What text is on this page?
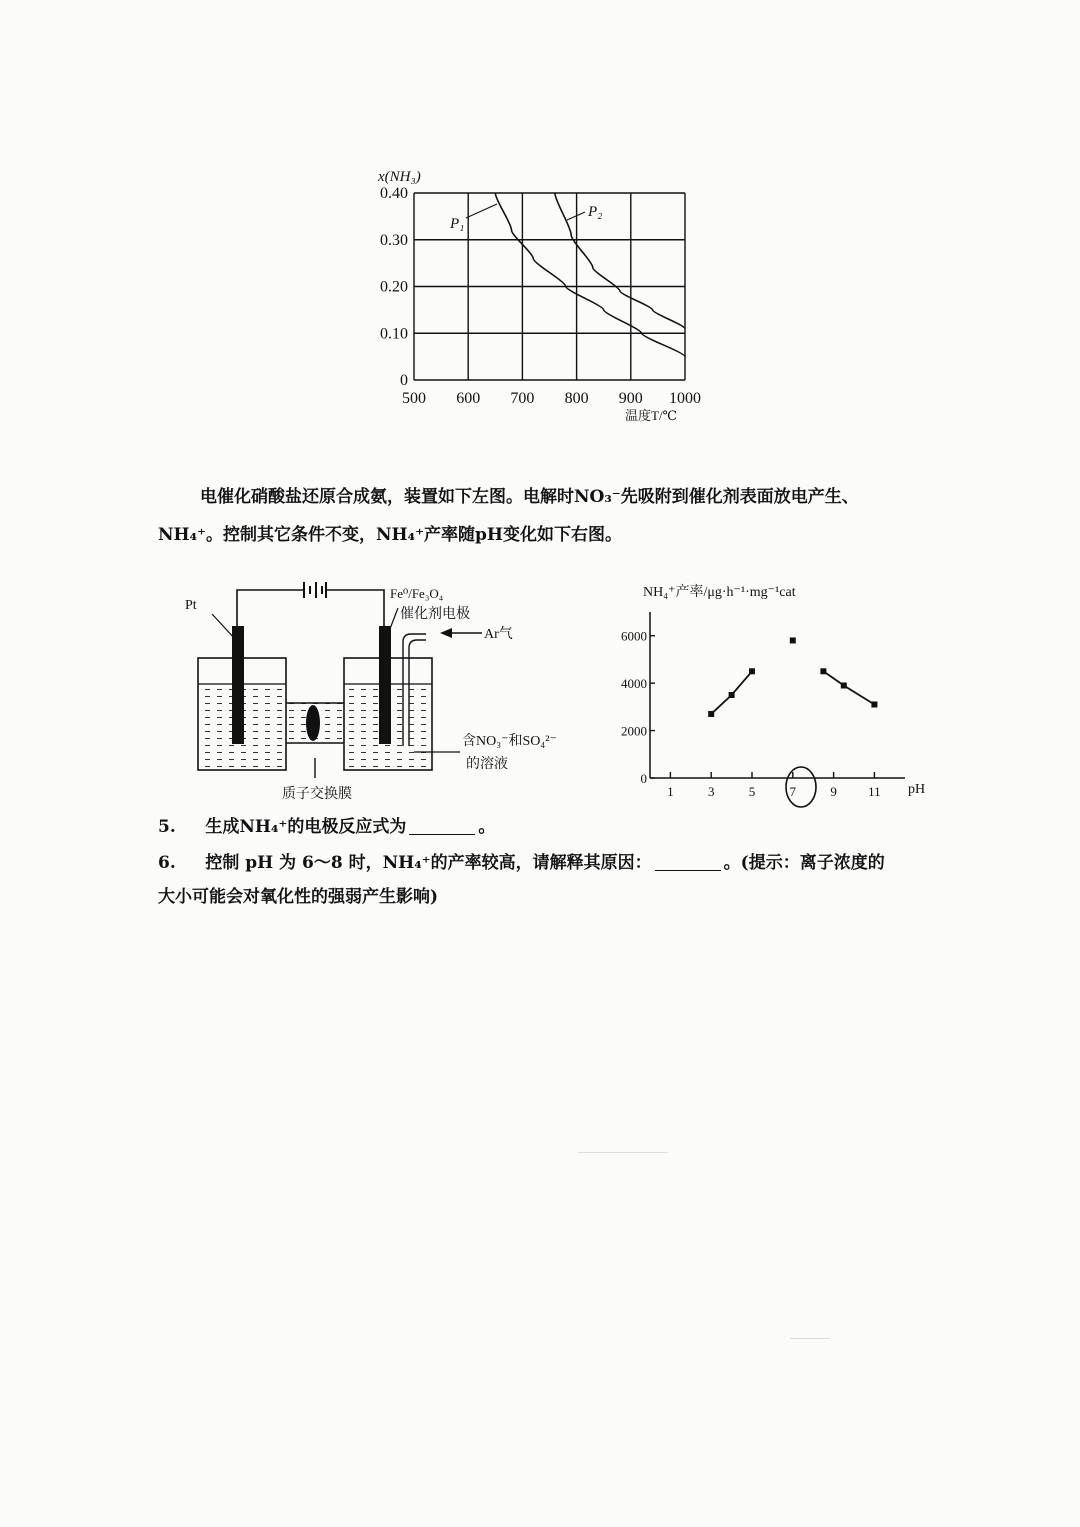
0
0.10
0.20
0.30
0.40
500 600 700 800 900 1000
x(NH₃)
温度T/℃
P₁
P₂

电催化硝酸盐还原合成氨，装置如下左图。电解时NO₃⁻先吸附到催化剂表面放电产生、

NH₄⁺。控制其它条件不变，NH₄⁺产率随pH变化如下右图。

Pt
Fe⁰/Fe₃O₄
催化剂电极
Ar气
含NO₃⁻和SO₄²⁻
的溶液
质子交换膜
NH₄⁺产率/μg·h⁻¹·mg⁻¹cat
0
2000
4000
6000
1	3	5	7	9 11 pH

5. 生成NH₄⁺的电极反应式为	。

6. 控制 pH 为 6～8 时，NH₄⁺的产率较高，请解释其原因：	。(提示：离子浓度的

大小可能会对氧化性的强弱产生影响)
